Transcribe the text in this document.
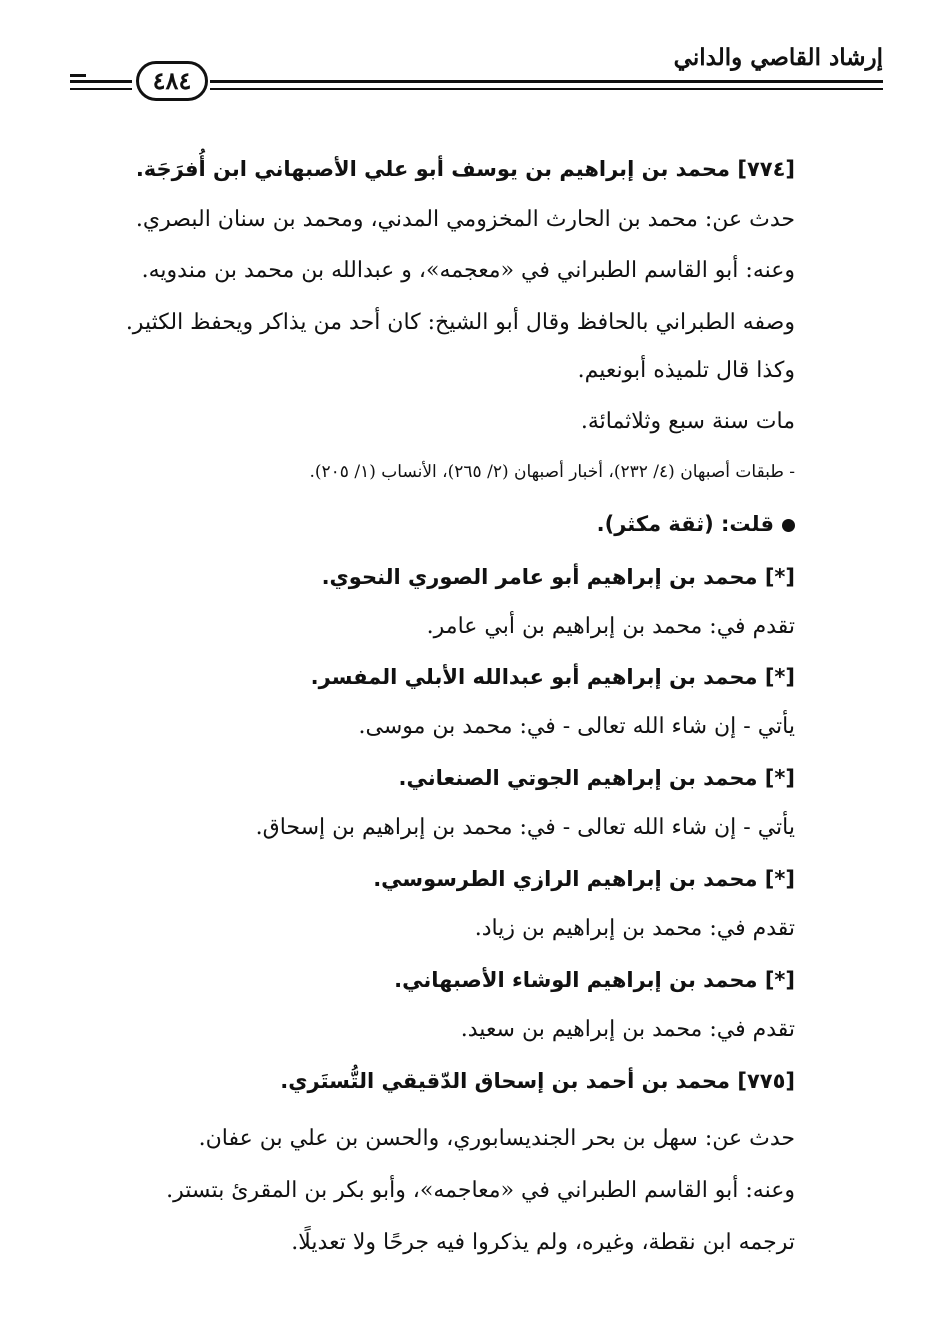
إرشاد القاصي والداني
٤٨٤
[٧٧٤] محمد بن إبراهيم بن يوسف أبو علي الأصبهاني ابن أُفرَجَة.
حدث عن: محمد بن الحارث المخزومي المدني، ومحمد بن سنان البصري.
وعنه: أبو القاسم الطبراني في «معجمه»، و عبدالله بن محمد بن مندويه.
وصفه الطبراني بالحافظ وقال أبو الشيخ: كان أحد من يذاكر ويحفظ الكثير.
وكذا قال تلميذه أبونعيم.
مات سنة سبع وثلاثمائة.
- طبقات أصبهان (٤/ ٢٣٢)، أخبار أصبهان (٢/ ٢٦٥)، الأنساب (١/ ٢٠٥).
قلت: (ثقة مكثر).
[*] محمد بن إبراهيم أبو عامر الصوري النحوي.
تقدم في: محمد بن إبراهيم بن أبي عامر.
[*] محمد بن إبراهيم أبو عبدالله الأبلي المفسر.
يأتي - إن شاء الله تعالى - في: محمد بن موسى.
[*] محمد بن إبراهيم الجوتي الصنعاني.
يأتي - إن شاء الله تعالى - في: محمد بن إبراهيم بن إسحاق.
[*] محمد بن إبراهيم الرازي الطرسوسي.
تقدم في: محمد بن إبراهيم بن زياد.
[*] محمد بن إبراهيم الوشاء الأصبهاني.
تقدم في: محمد بن إبراهيم بن سعيد.
[٧٧٥] محمد بن أحمد بن إسحاق الدّقيقي التُّستَري.
حدث عن: سهل بن بحر الجنديسابوري، والحسن بن علي بن عفان.
وعنه: أبو القاسم الطبراني في «معاجمه»، وأبو بكر بن المقرئ بتستر.
ترجمه ابن نقطة، وغيره، ولم يذكروا فيه جرحًا ولا تعديلًا.
